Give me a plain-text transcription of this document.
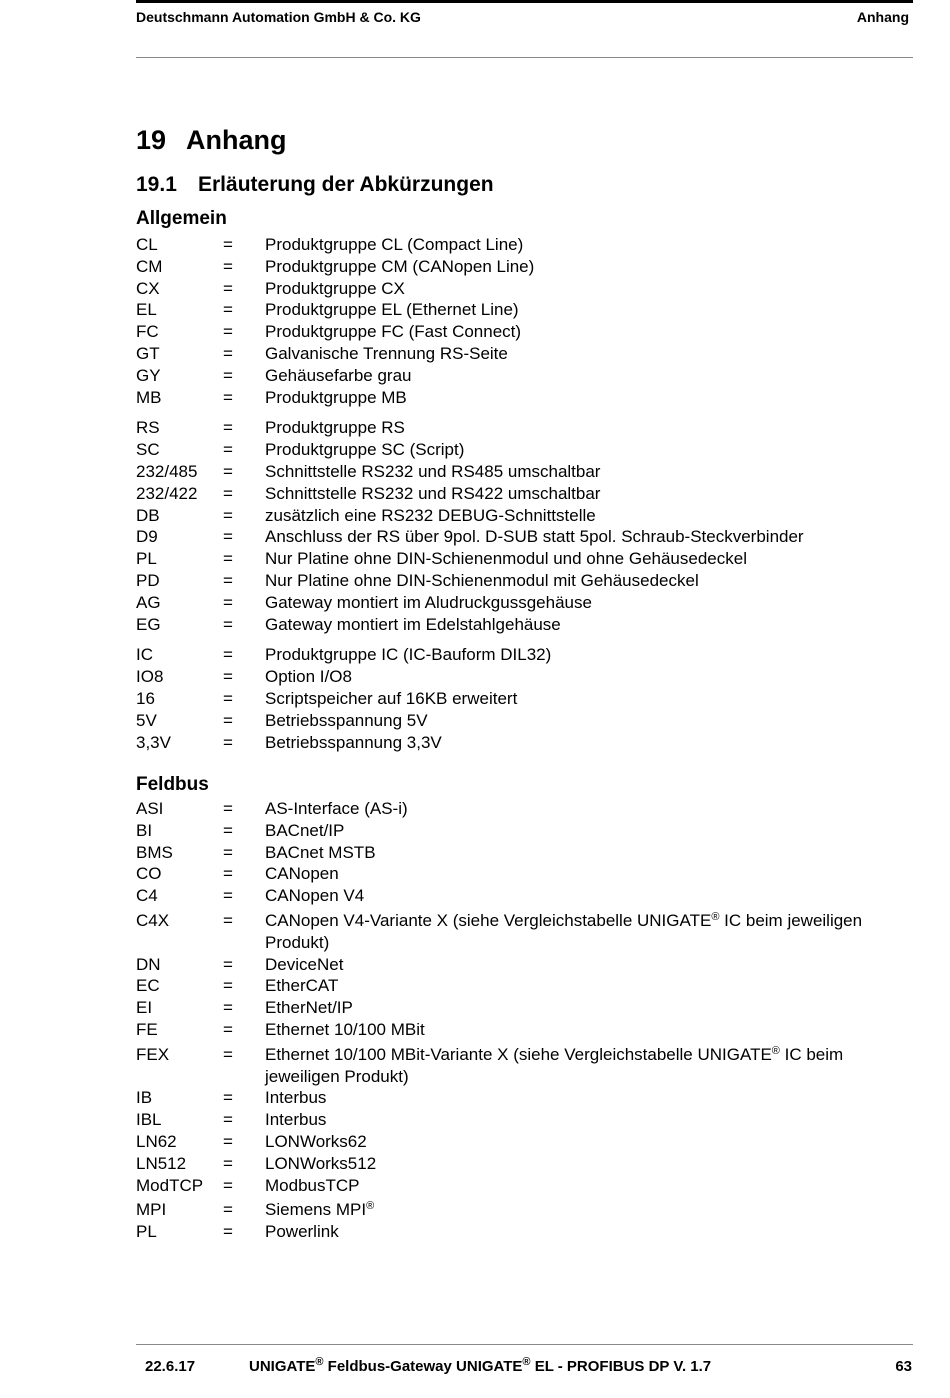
Deutschmann Automation GmbH & Co. KG	Anhang
19 Anhang
19.1 Erläuterung der Abkürzungen
Allgemein
CL	=	Produktgruppe CL (Compact Line)
CM	=	Produktgruppe CM (CANopen Line)
CX	=	Produktgruppe CX
EL	=	Produktgruppe EL (Ethernet Line)
FC	=	Produktgruppe FC (Fast Connect)
GT	=	Galvanische Trennung RS-Seite
GY	=	Gehäusefarbe grau
MB	=	Produktgruppe MB
RS	=	Produktgruppe RS
SC	=	Produktgruppe SC (Script)
232/485	=	Schnittstelle RS232 und RS485 umschaltbar
232/422	=	Schnittstelle RS232 und RS422 umschaltbar
DB	=	zusätzlich eine RS232 DEBUG-Schnittstelle
D9	=	Anschluss der RS über 9pol. D-SUB statt 5pol. Schraub-Steckverbinder
PL	=	Nur Platine ohne DIN-Schienenmodul und ohne Gehäusedeckel
PD	=	Nur Platine ohne DIN-Schienenmodul mit Gehäusedeckel
AG	=	Gateway montiert im Aludruckgussgehäuse
EG	=	Gateway montiert im Edelstahlgehäuse
IC	=	Produktgruppe IC (IC-Bauform DIL32)
IO8	=	Option I/O8
16	=	Scriptspeicher auf 16KB erweitert
5V	=	Betriebsspannung 5V
3,3V	=	Betriebsspannung 3,3V
Feldbus
ASI	=	AS-Interface (AS-i)
BI	=	BACnet/IP
BMS	=	BACnet MSTB
CO	=	CANopen
C4	=	CANopen V4
C4X	=	CANopen V4-Variante X (siehe Vergleichstabelle UNIGATE® IC beim jeweiligen Produkt)
DN	=	DeviceNet
EC	=	EtherCAT
EI	=	EtherNet/IP
FE	=	Ethernet 10/100 MBit
FEX	=	Ethernet 10/100 MBit-Variante X (siehe Vergleichstabelle UNIGATE® IC beim jeweiligen Produkt)
IB	=	Interbus
IBL	=	Interbus
LN62	=	LONWorks62
LN512	=	LONWorks512
ModTCP	=	ModbusTCP
MPI	=	Siemens MPI®
PL	=	Powerlink
22.6.17	UNIGATE® Feldbus-Gateway UNIGATE® EL - PROFIBUS DP V. 1.7	63
